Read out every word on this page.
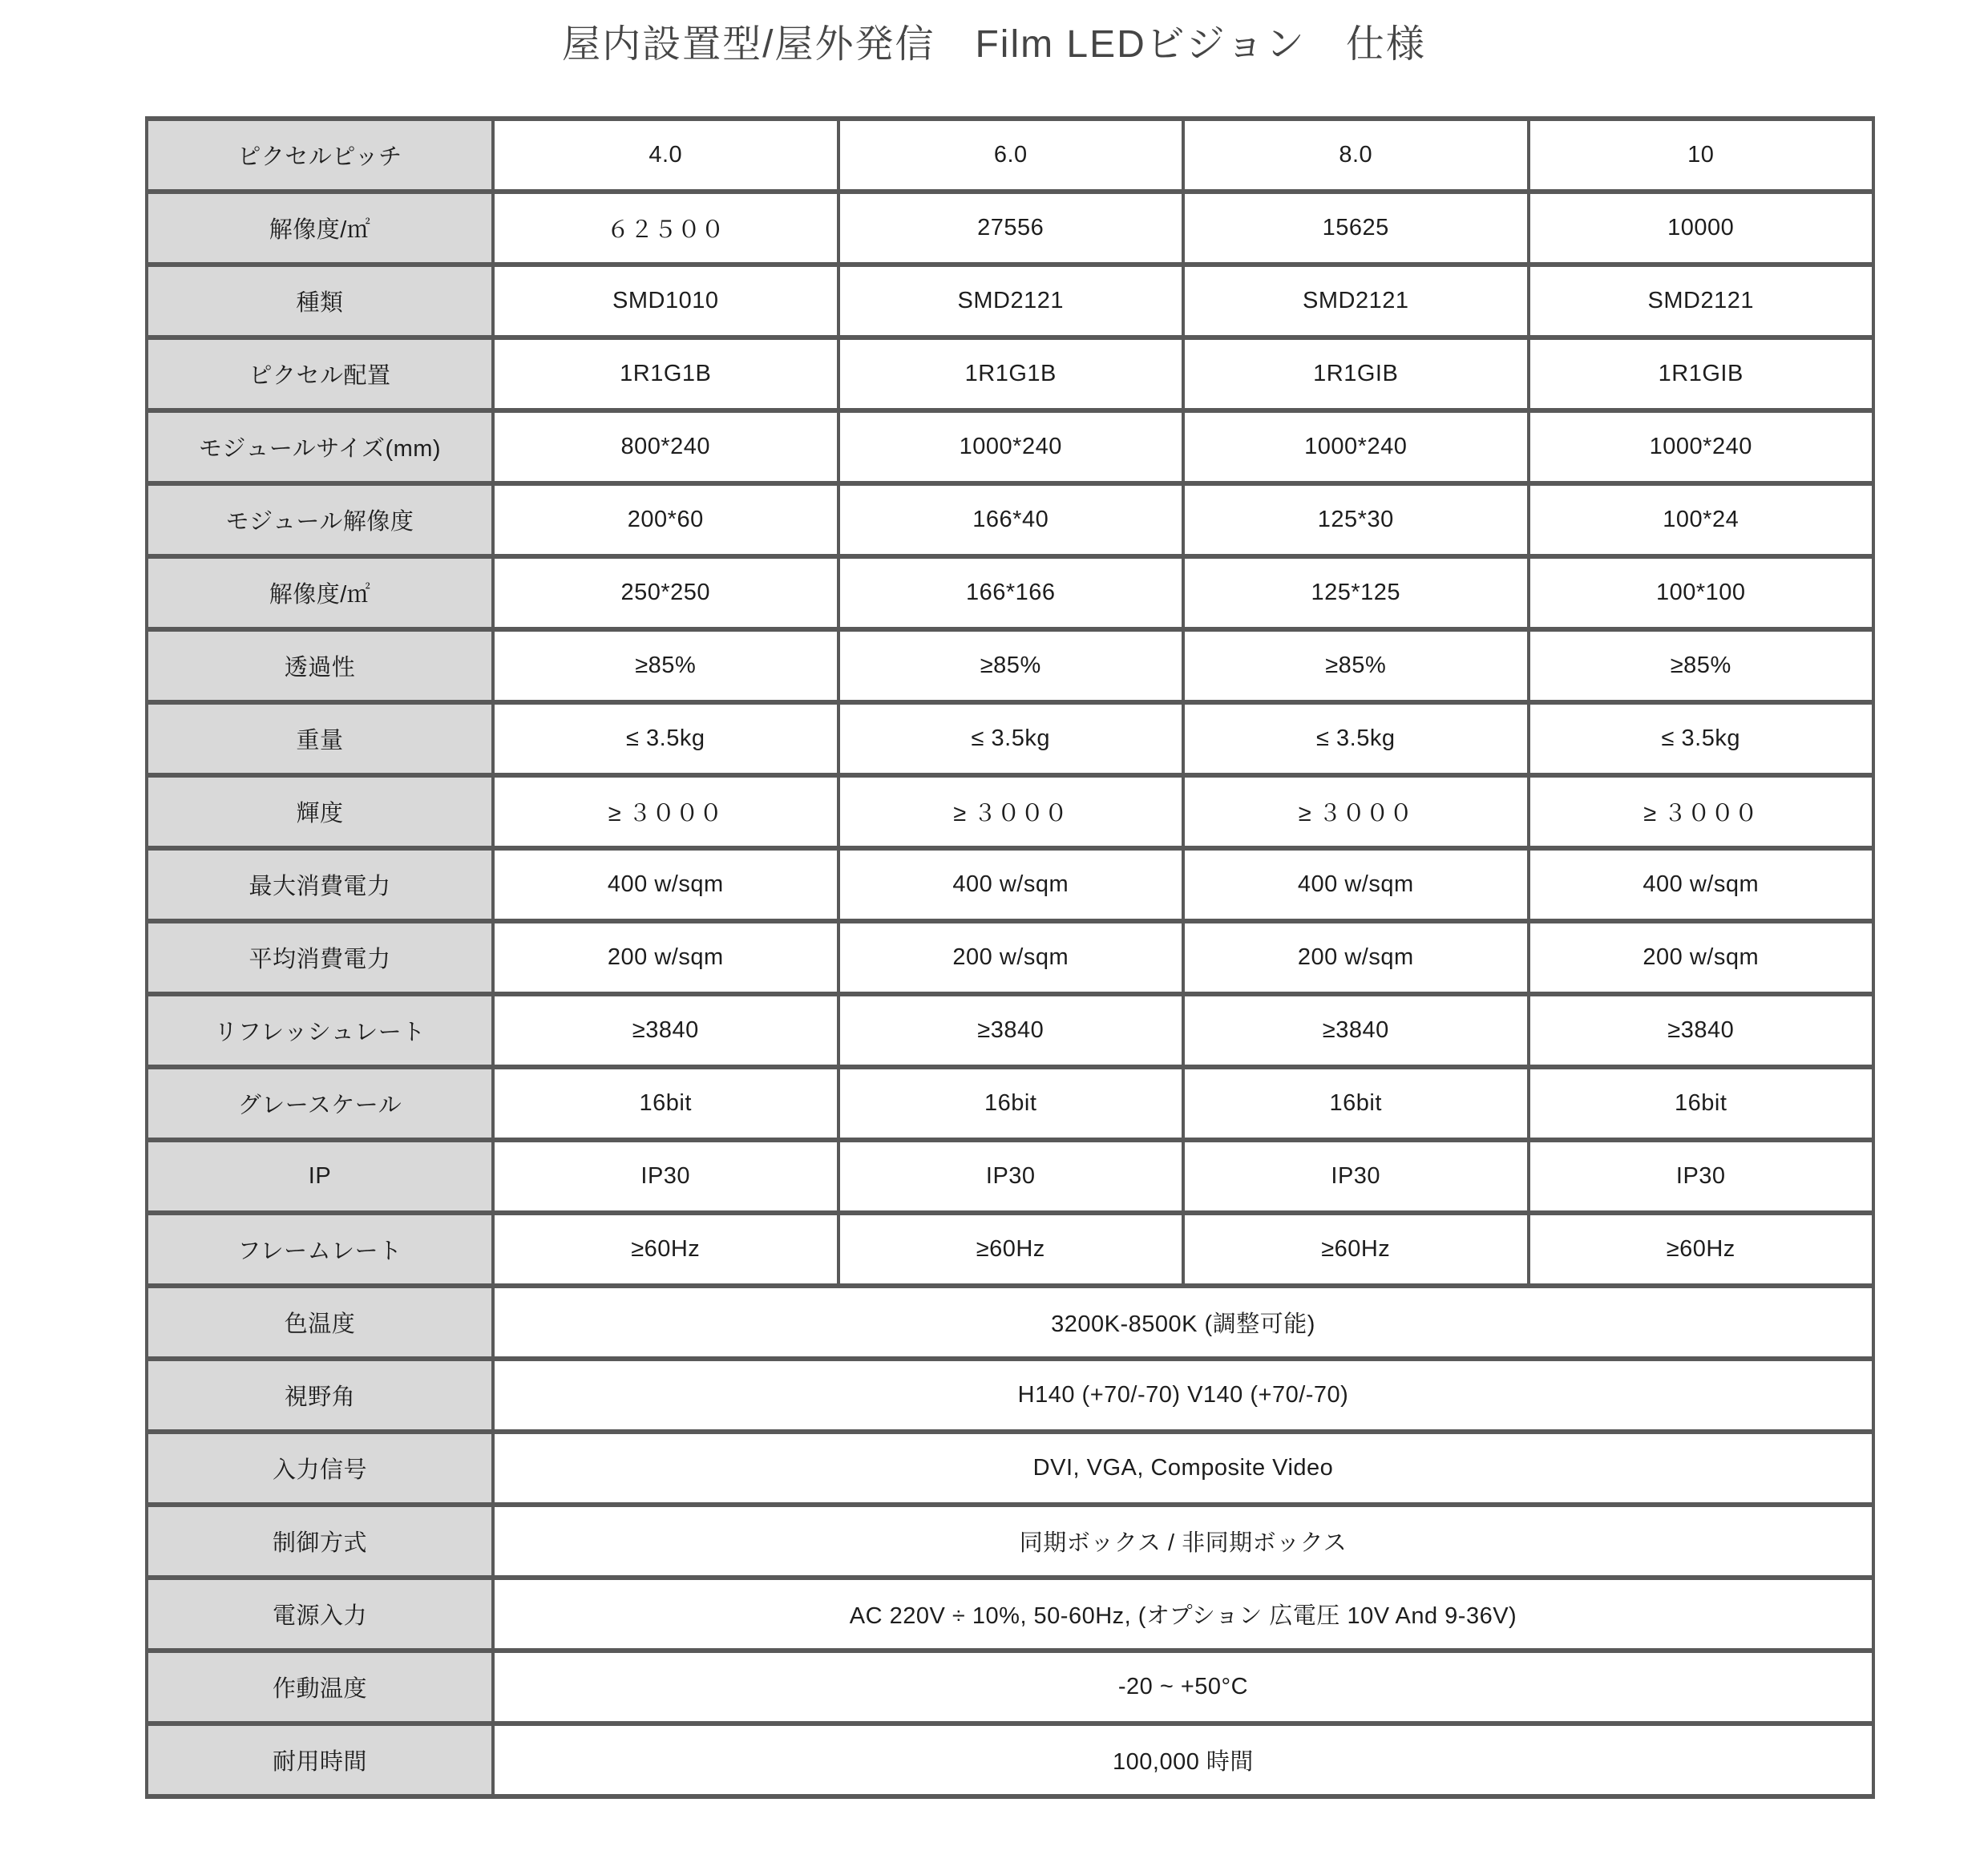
屋内設置型/屋外発信　Film LEDビジョン　仕様
ピクセルピッチ	4.0	6.0	8.0	10
解像度/㎡	６２５００	27556	15625	10000
種類	SMD1010	SMD2121	SMD2121	SMD2121
ピクセル配置	1R1G1B	1R1G1B	1R1GIB	1R1GIB
モジュールサイズ(mm)	800*240	1000*240	1000*240	1000*240
モジュール解像度	200*60	166*40	125*30	100*24
解像度/㎡	250*250	166*166	125*125	100*100
透過性	≥85%	≥85%	≥85%	≥85%
重量	≤ 3.5kg	≤ 3.5kg	≤ 3.5kg	≤ 3.5kg
輝度	≥ ３０００	≥ ３０００	≥ ３０００	≥ ３０００
最大消費電力	400 w/sqm	400 w/sqm	400 w/sqm	400 w/sqm
平均消費電力	200 w/sqm	200 w/sqm	200 w/sqm	200 w/sqm
リフレッシュレート	≥3840	≥3840	≥3840	≥3840
グレースケール	16bit	16bit	16bit	16bit
IP	IP30	IP30	IP30	IP30
フレームレート	≥60Hz	≥60Hz	≥60Hz	≥60Hz
色温度	3200K-8500K (調整可能)			
視野角	H140 (+70/-70) V140 (+70/-70)			
入力信号	DVI, VGA, Composite Video			
制御方式	同期ボックス / 非同期ボックス			
電源入力	AC 220V ÷ 10%, 50-60Hz, (オプション 広電圧 10V And 9-36V)			
作動温度	-20 ~ +50°C			
耐用時間	100,000 時間			
